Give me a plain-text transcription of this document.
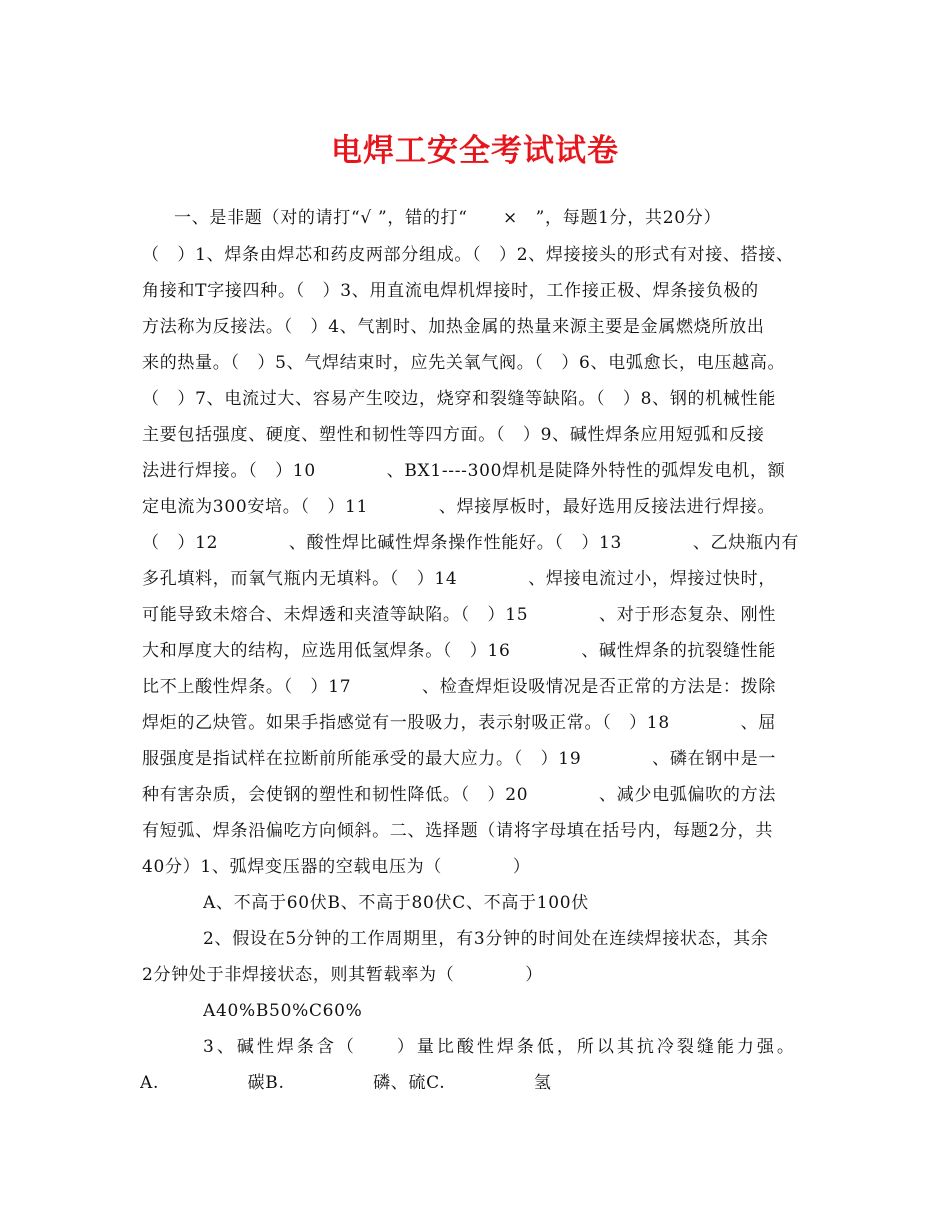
电焊工安全考试试卷
一、是非题（对的请打“√ ”，错的打“　　×　”，每题1分，共20分）
（　）1、焊条由焊芯和药皮两部分组成。（　）2、焊接接头的形式有对接、搭接、
角接和T字接四种。（　）3、用直流电焊机焊接时，工作接正极、焊条接负极的
方法称为反接法。（　）4、气割时、加热金属的热量来源主要是金属燃烧所放出
来的热量。（　）5、气焊结束时，应先关氧气阀。（　）6、电弧愈长，电压越高。
（　）7、电流过大、容易产生咬边，烧穿和裂缝等缺陷。（　）8、钢的机械性能
主要包括强度、硬度、塑性和韧性等四方面。（　）9、碱性焊条应用短弧和反接
法进行焊接。（　）10　　　　、BX1----300焊机是陡降外特性的弧焊发电机，额
定电流为300安培。（　）11　　　　、焊接厚板时，最好选用反接法进行焊接。
（　）12　　　　、酸性焊比碱性焊条操作性能好。（　）13　　　　、乙炔瓶内有
多孔填料，而氧气瓶内无填料。（　）14　　　　、焊接电流过小，焊接过快时，
可能导致未熔合、未焊透和夹渣等缺陷。（　）15　　　　、对于形态复杂、刚性
大和厚度大的结构，应选用低氢焊条。（　）16　　　　、碱性焊条的抗裂缝性能
比不上酸性焊条。（　）17　　　　、检查焊炬设吸情况是否正常的方法是：拨除
焊炬的乙炔管。如果手指感觉有一股吸力，表示射吸正常。（　）18　　　　、屈
服强度是指试样在拉断前所能承受的最大应力。（　）19　　　　、磷在钢中是一
种有害杂质，会使钢的塑性和韧性降低。（　）20　　　　、减少电弧偏吹的方法
有短弧、焊条沿偏吃方向倾斜。二、选择题（请将字母填在括号内，每题2分，共
40分）1、弧焊变压器的空载电压为（　　　　）
A、不高于60伏B、不高于80伏C、不高于100伏
2、假设在5分钟的工作周期里，有3分钟的时间处在连续焊接状态，其余
2分钟处于非焊接状态，则其暂载率为（　　　　）
A40%B50%C60%
3、碱性焊条含（　　）量比酸性焊条低，所以其抗冷裂缝能力强。
A.　　　　　碳B.　　　　　磷、硫C.　　　　　氢
